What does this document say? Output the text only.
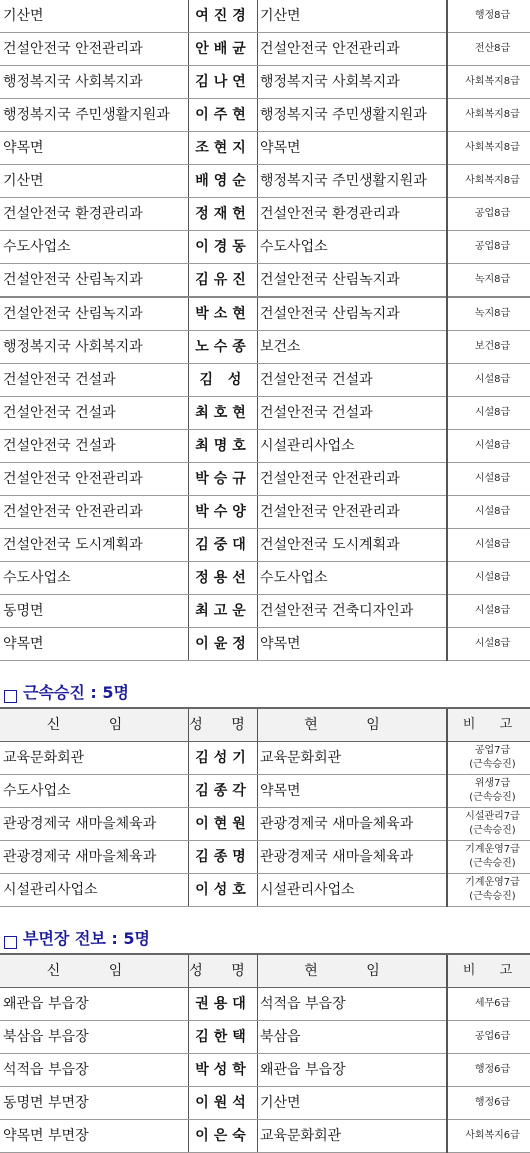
기산면	여진경	기산면	행정8급
건설안전국 안전관리과	안배균	건설안전국 안전관리과	전산8급
행정복지국 사회복지과	김나연	행정복지국 사회복지과	사회복지8급
행정복지국 주민생활지원과	이주현	행정복지국 주민생활지원과	사회복지8급
약목면	조현지	약목면	사회복지8급
기산면	배영순	행정복지국 주민생활지원과	사회복지8급
건설안전국 환경관리과	정재헌	건설안전국 환경관리과	공업8급
수도사업소	이경동	수도사업소	공업8급
건설안전국 산림녹지과	김유진	건설안전국 산림녹지과	녹지8급
건설안전국 산림녹지과	박소현	건설안전국 산림녹지과	녹지8급
행정복지국 사회복지과	노수종	보건소	보건8급
건설안전국 건설과	김 성	건설안전국 건설과	시설8급
건설안전국 건설과	최호현	건설안전국 건설과	시설8급
건설안전국 건설과	최명호	시설관리사업소	시설8급
건설안전국 안전관리과	박승규	건설안전국 안전관리과	시설8급
건설안전국 안전관리과	박수양	건설안전국 안전관리과	시설8급
건설안전국 도시계획과	김중대	건설안전국 도시계획과	시설8급
수도사업소	정용선	수도사업소	시설8급
동명면	최고운	건설안전국 건축디자인과	시설8급
약목면	이윤정	약목면	시설8급
근속승진 : 5명
신 임	성 명	현 임	비 고
교육문화회관	김성기	교육문화회관	공업7급
(근속승진)

수도사업소	김종각	약목면	위생7급
(근속승진)

관광경제국 새마을체육과	이현원	관광경제국 새마을체육과	시설관리7급
(근속승진)

관광경제국 새마을체육과	김종명	관광경제국 새마을체육과	기계운영7급
(근속승진)

시설관리사업소	이성호	시설관리사업소	기계운영7급
(근속승진)
부면장 전보 : 5명
신 임	성 명	현 임	비 고
왜관읍 부읍장	권용대	석적읍 부읍장	세무6급
북삼읍 부읍장	김한택	북삼읍	공업6급
석적읍 부읍장	박성학	왜관읍 부읍장	행정6급
동명면 부면장	이원석	기산면	행정6급
약목면 부면장	이은숙	교육문화회관	사회복지6급
